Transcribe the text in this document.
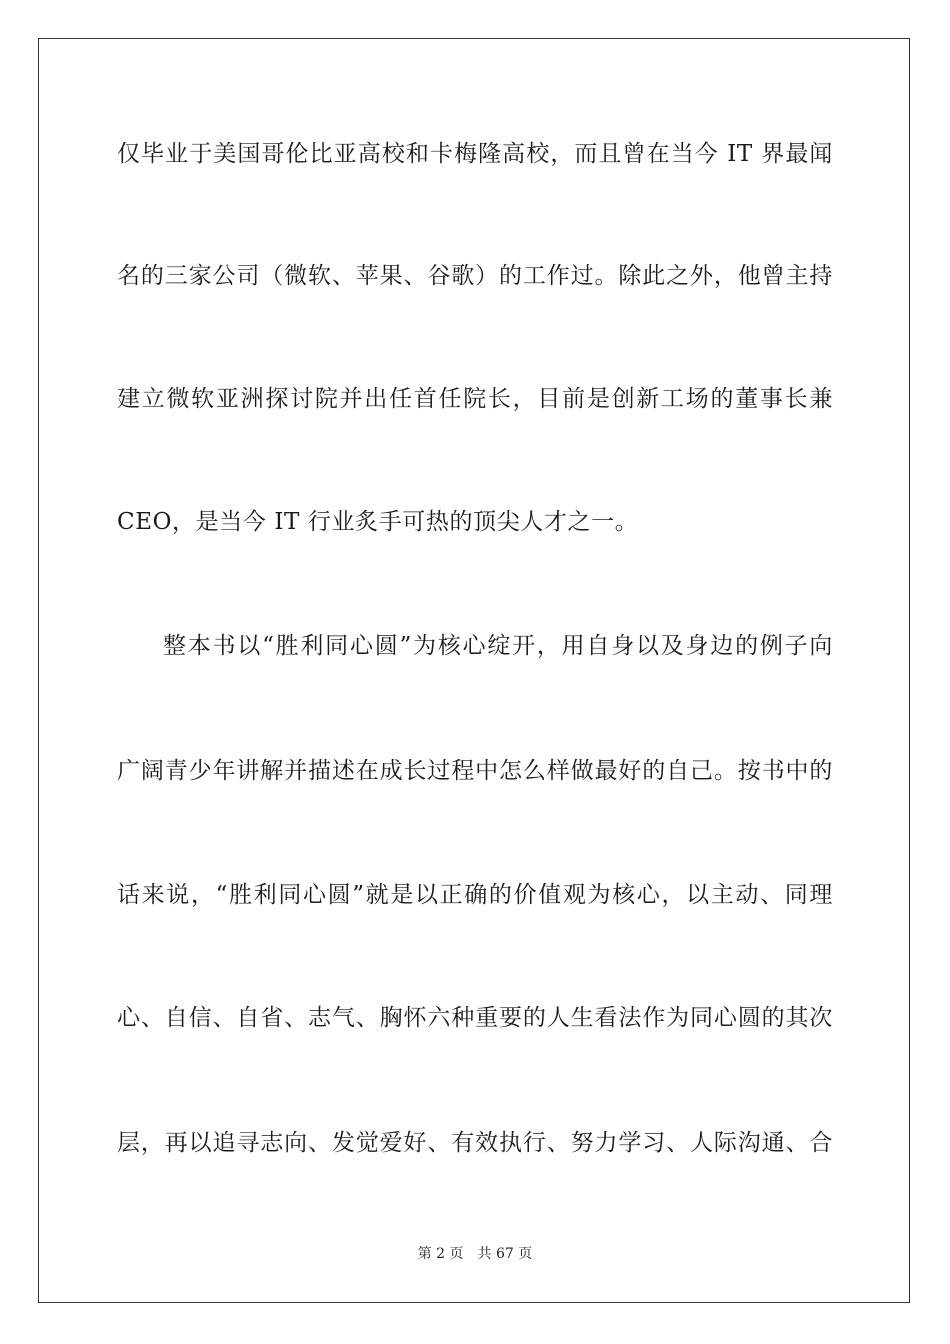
仅毕业于美国哥伦比亚高校和卡梅隆高校，而且曾在当今 IT 界最闻
名的三家公司（微软、苹果、谷歌）的工作过。除此之外，他曾主持
建立微软亚洲探讨院并出任首任院长，目前是创新工场的董事长兼
CEO，是当今 IT 行业炙手可热的顶尖人才之一。
整本书以“胜利同心圆”为核心绽开，用自身以及身边的例子向
广阔青少年讲解并描述在成长过程中怎么样做最好的自己。按书中的
话来说，“胜利同心圆”就是以正确的价值观为核心，以主动、同理
心、自信、自省、志气、胸怀六种重要的人生看法作为同心圆的其次
层，再以追寻志向、发觉爱好、有效执行、努力学习、人际沟通、合
第 2 页 共 67 页
